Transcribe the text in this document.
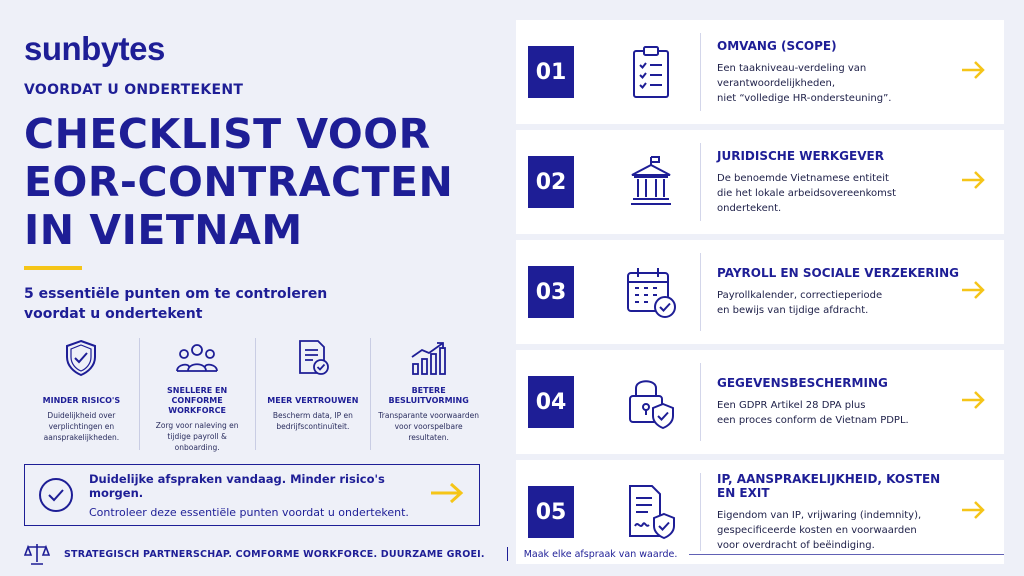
sunbytes
VOORDAT U ONDERTEKENT
CHECKLIST VOOR
EOR-CONTRACTEN
IN VIETNAM
5 essentiële punten om te controleren
voordat u ondertekent
MINDER RISICO'S
Duidelijkheid over verplichtingen en aansprakelijkheden.
SNELLERE EN CONFORME WORKFORCE
Zorg voor naleving en tijdige payroll & onboarding.
MEER VERTROUWEN
Bescherm data, IP en bedrijfscontinuïteit.
BETERE BESLUITVORMING
Transparante voorwaarden voor voorspelbare resultaten.
Duidelijke afspraken vandaag. Minder risico's morgen.
Controleer deze essentiële punten voordat u ondertekent.
01
OMVANG (SCOPE)
Een taakniveau-verdeling van
verantwoordelijkheden,
niet “volledige HR-ondersteuning”.
02
JURIDISCHE WERKGEVER
De benoemde Vietnamese entiteit
die het lokale arbeidsovereenkomst
ondertekent.
03
PAYROLL EN SOCIALE VERZEKERING
Payrollkalender, correctieperiode
en bewijs van tijdige afdracht.
04
GEGEVENSBESCHERMING
Een GDPR Artikel 28 DPA plus
een proces conform de Vietnam PDPL.
05
IP, AANSPRAKELIJKHEID, KOSTEN EN EXIT
Eigendom van IP, vrijwaring (indemnity),
gespecificeerde kosten en voorwaarden
voor overdracht of beëindiging.
STRATEGISCH PARTNERSCHAP. COMFORME WORKFORCE. DUURZAME GROEI.	Maak elke afspraak van waarde.
